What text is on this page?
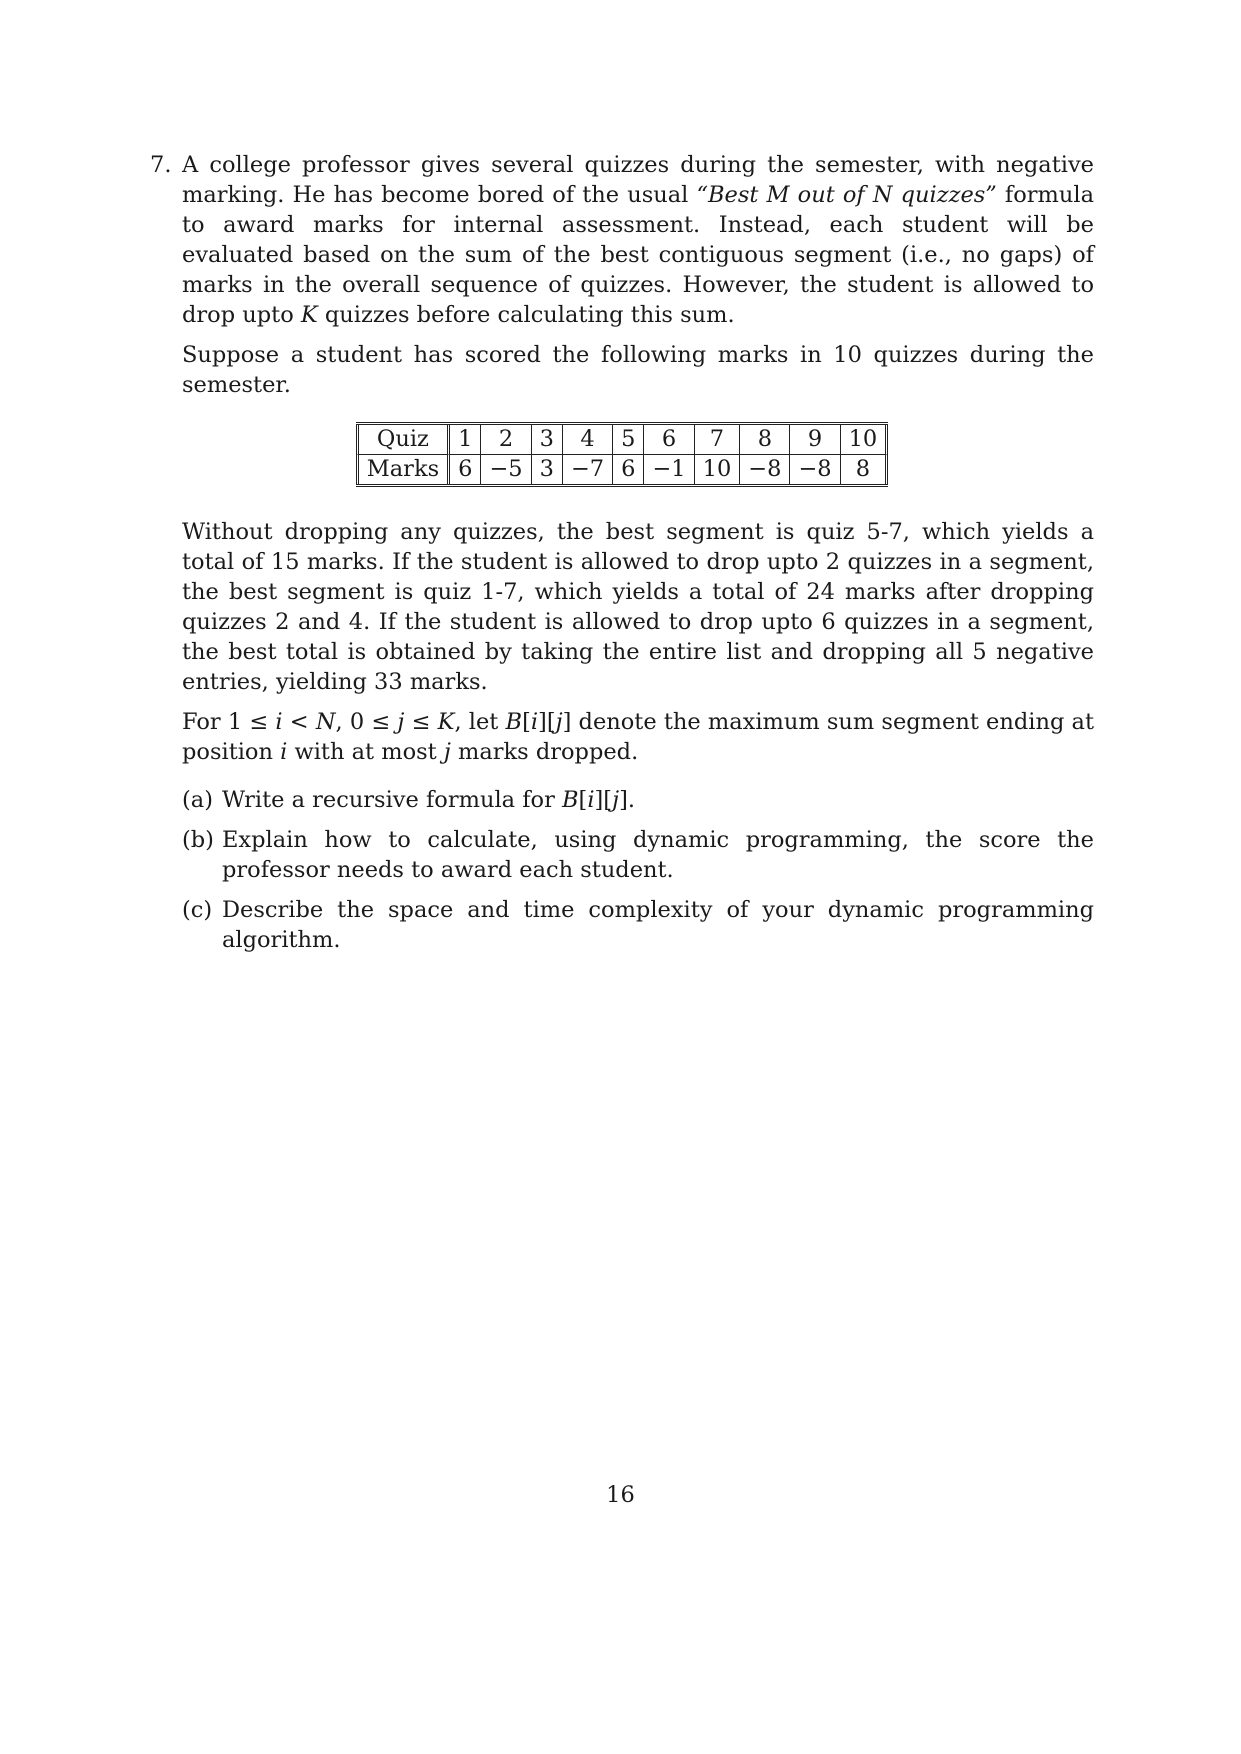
7. A college professor gives several quizzes during the semester, with negative marking. He has become bored of the usual “Best M out of N quizzes” formula to award marks for internal assessment. Instead, each student will be evaluated based on the sum of the best contiguous segment (i.e., no gaps) of marks in the overall sequence of quizzes. However, the student is allowed to drop upto K quizzes before calculating this sum.

Suppose a student has scored the following marks in 10 quizzes during the semester.

Quiz	1	2	3	4	5	6	7	8	9	10
Marks	6	−5	3	−7	6	−1	10	−8	−8	8

Without dropping any quizzes, the best segment is quiz 5-7, which yields a total of 15 marks. If the student is allowed to drop upto 2 quizzes in a segment, the best segment is quiz 1-7, which yields a total of 24 marks after dropping quizzes 2 and 4. If the student is allowed to drop upto 6 quizzes in a segment, the best total is obtained by taking the entire list and dropping all 5 negative entries, yielding 33 marks.

For 1 ≤ i < N, 0 ≤ j ≤ K, let B[i][j] denote the maximum sum segment ending at position i with at most j marks dropped.

(a) Write a recursive formula for B[i][j].
(b) Explain how to calculate, using dynamic programming, the score the professor needs to award each student.
(c) Describe the space and time complexity of your dynamic programming algorithm.
16
